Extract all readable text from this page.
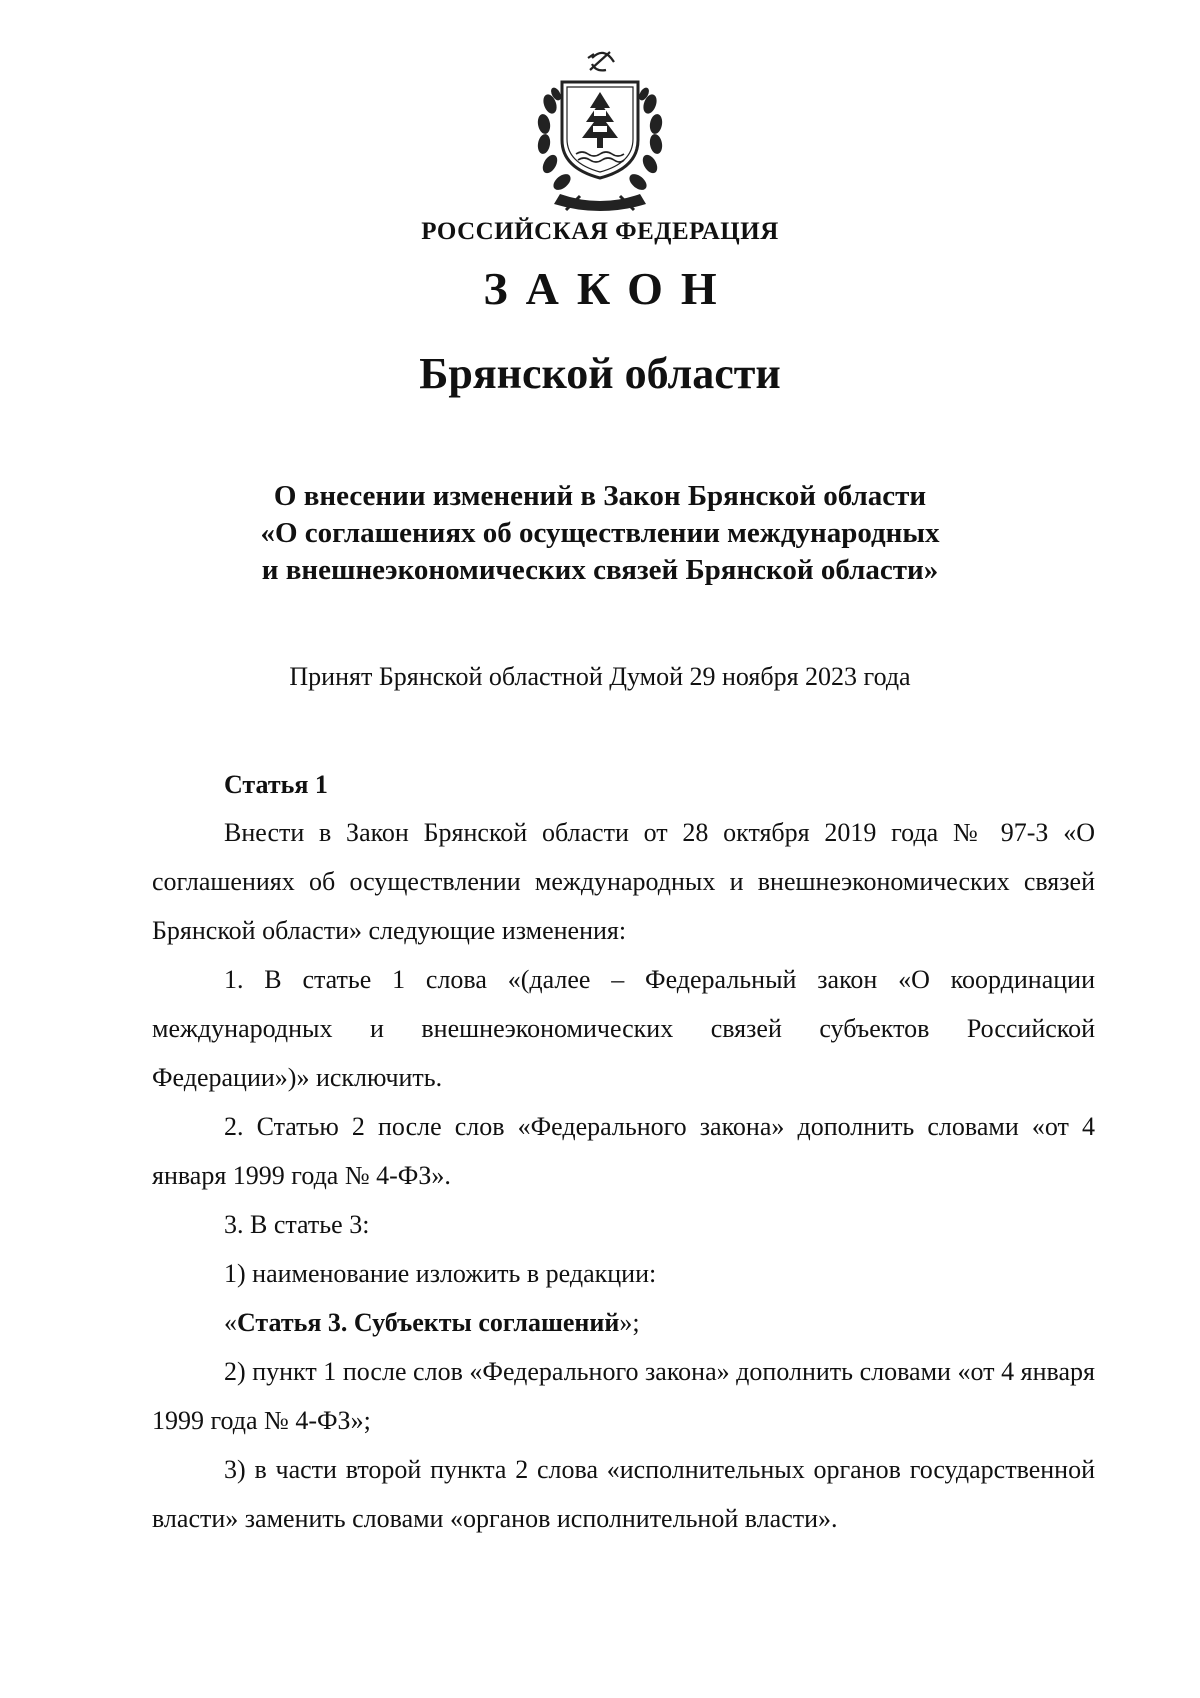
РОССИЙСКАЯ ФЕДЕРАЦИЯ
ЗАКОН
Брянской области
О внесении изменений в Закон Брянской области
«О соглашениях об осуществлении международных
и внешнеэкономических связей Брянской области»
Принят Брянской областной Думой 29 ноября 2023 года
Статья 1

Внести в Закон Брянской области от 28 октября 2019 года № 97-З «О соглашениях об осуществлении международных и внешнеэкономических связей Брянской области» следующие изменения:

1. В статье 1 слова «(далее – Федеральный закон «О координации международных и внешнеэкономических связей субъектов Российской Федерации»)» исключить.

2. Статью 2 после слов «Федерального закона» дополнить словами «от 4 января 1999 года № 4-ФЗ».

3. В статье 3:

1) наименование изложить в редакции:

«Статья 3. Субъекты соглашений»;

2) пункт 1 после слов «Федерального закона» дополнить словами «от 4 января 1999 года № 4-ФЗ»;

3) в части второй пункта 2 слова «исполнительных органов государственной власти» заменить словами «органов исполнительной власти».
